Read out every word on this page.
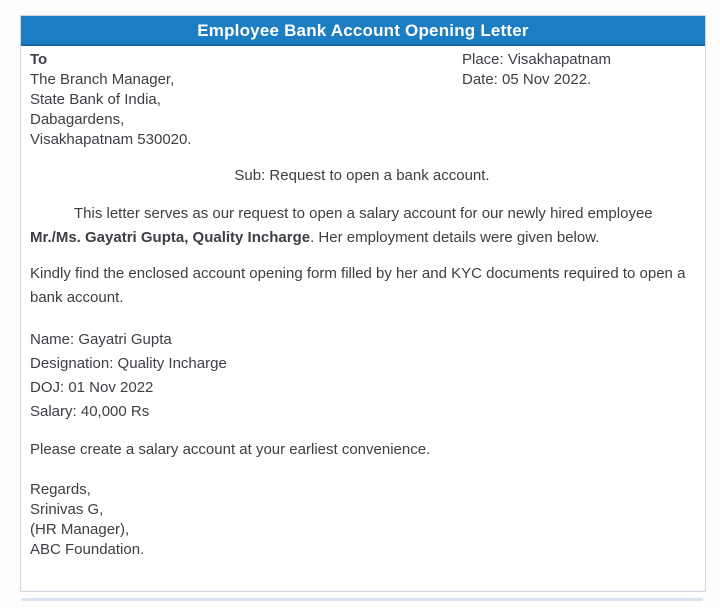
Employee Bank Account Opening Letter
To
The Branch Manager,
State Bank of India,
Dabagardens,
Visakhapatnam 530020.
Place: Visakhapatnam
Date: 05 Nov 2022.
Sub: Request to open a bank account.
This letter serves as our request to open a salary account for our newly hired employee Mr./Ms. Gayatri Gupta, Quality Incharge. Her employment details were given below.
Kindly find the enclosed account opening form filled by her and KYC documents required to open a bank account.
Name: Gayatri Gupta
Designation: Quality Incharge
DOJ: 01 Nov 2022
Salary: 40,000 Rs
Please create a salary account at your earliest convenience.
Regards,
Srinivas G,
(HR Manager),
ABC Foundation.
